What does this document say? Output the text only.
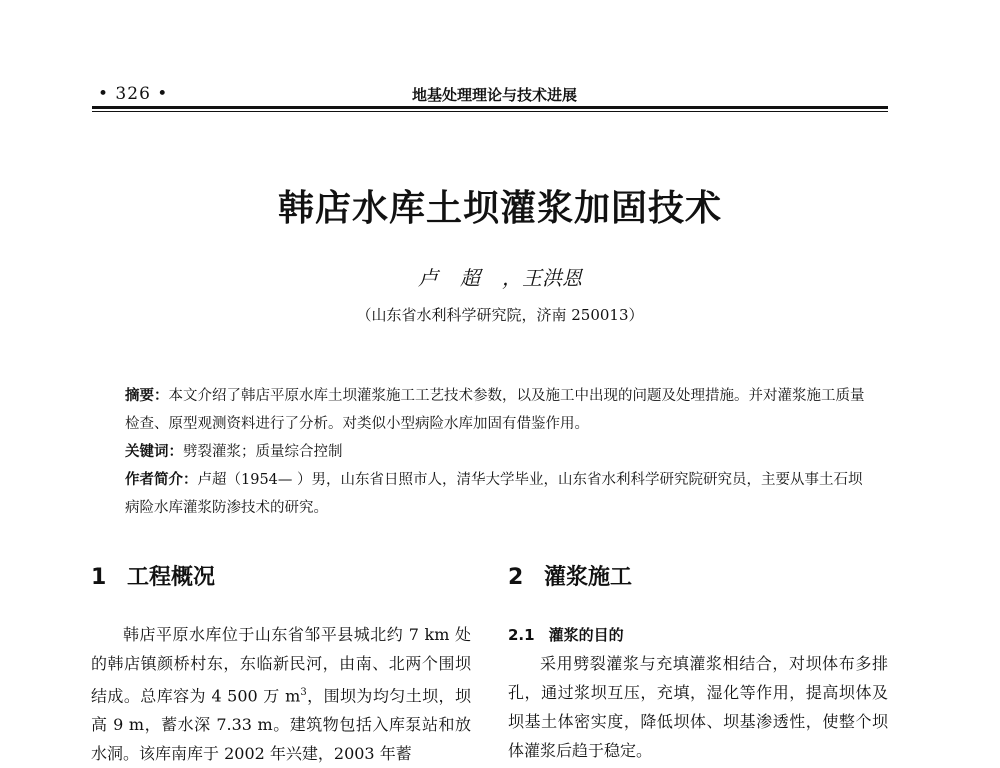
• 326 •	地基处理理论与技术进展
韩店水库土坝灌浆加固技术
卢超，王洪恩
（山东省水利科学研究院，济南 250013）

摘要：本文介绍了韩店平原水库土坝灌浆施工工艺技术参数，以及施工中出现的问题及处理措施。并对灌浆施工质量检查、原型观测资料进行了分析。对类似小型病险水库加固有借鉴作用。

关键词：劈裂灌浆；质量综合控制

作者简介：卢超（1954— ）男，山东省日照市人，清华大学毕业，山东省水利科学研究院研究员，主要从事土石坝病险水库灌浆防渗技术的研究。

1 工程概况

韩店平原水库位于山东省邹平县城北约 7 km 处的韩店镇颜桥村东，东临新民河，由南、北两个围坝结成。总库容为 4 500 万 $m^3$，围坝为均匀土坝，坝高 9 m，蓄水深 7.33 m。建筑物包括入库泵站和放水洞。该库南库于 2002 年兴建，2003 年蓄

2 灌浆施工
2.1 灌浆的目的

采用劈裂灌浆与充填灌浆相结合，对坝体布多排孔，通过浆坝互压，充填，湿化等作用，提高坝体及坝基土体密实度，降低坝体、坝基渗透性，使整个坝体灌浆后趋于稳定。
